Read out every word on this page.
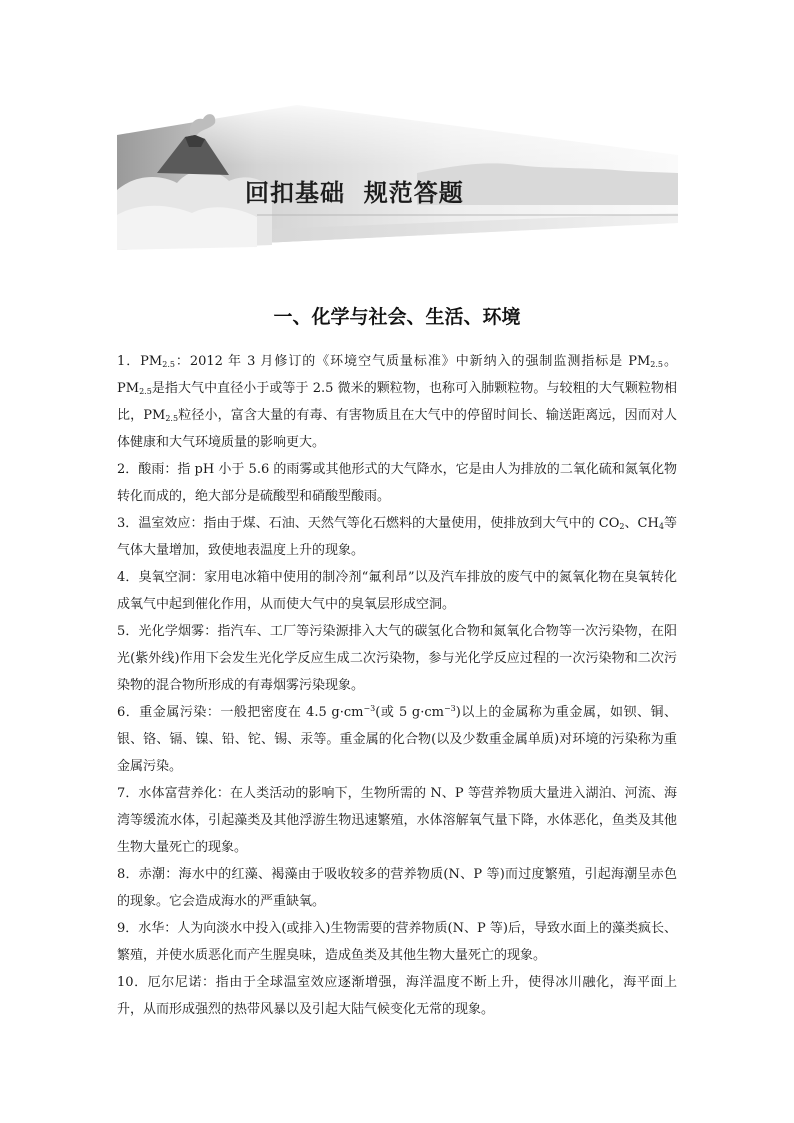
回扣基础  规范答题
一、化学与社会、生活、环境

1．$PM_{2.5}$：2012 年 3 月修订的《环境空气质量标准》中新纳入的强制监测指标是 $PM_{2.5}$。$PM_{2.5}$是指大气中直径小于或等于 2.5 微米的颗粒物，也称可入肺颗粒物。与较粗的大气颗粒物相比，$PM_{2.5}$粒径小，富含大量的有毒、有害物质且在大气中的停留时间长、输送距离远，因而对人体健康和大气环境质量的影响更大。

2．酸雨：指 pH 小于 5.6 的雨雾或其他形式的大气降水，它是由人为排放的二氧化硫和氮氧化物转化而成的，绝大部分是硫酸型和硝酸型酸雨。

3．温室效应：指由于煤、石油、天然气等化石燃料的大量使用，使排放到大气中的 $CO_2$、$CH_4$等气体大量增加，致使地表温度上升的现象。

4．臭氧空洞：家用电冰箱中使用的制冷剂“氟利昂”以及汽车排放的废气中的氮氧化物在臭氧转化成氧气中起到催化作用，从而使大气中的臭氧层形成空洞。

5．光化学烟雾：指汽车、工厂等污染源排入大气的碳氢化合物和氮氧化合物等一次污染物，在阳光(紫外线)作用下会发生光化学反应生成二次污染物，参与光化学反应过程的一次污染物和二次污染物的混合物所形成的有毒烟雾污染现象。

6．重金属污染：一般把密度在 4.5 $g\cdot cm^{-3}$(或 5 $g\cdot cm^{-3}$)以上的金属称为重金属，如钡、铜、银、铬、镉、镍、铅、铊、锡、汞等。重金属的化合物(以及少数重金属单质)对环境的污染称为重金属污染。

7．水体富营养化：在人类活动的影响下，生物所需的 N、P 等营养物质大量进入湖泊、河流、海湾等缓流水体，引起藻类及其他浮游生物迅速繁殖，水体溶解氧气量下降，水体恶化，鱼类及其他生物大量死亡的现象。

8．赤潮：海水中的红藻、褐藻由于吸收较多的营养物质(N、P 等)而过度繁殖，引起海潮呈赤色的现象。它会造成海水的严重缺氧。

9．水华：人为向淡水中投入(或排入)生物需要的营养物质(N、P 等)后，导致水面上的藻类疯长、繁殖，并使水质恶化而产生腥臭味，造成鱼类及其他生物大量死亡的现象。

10．厄尔尼诺：指由于全球温室效应逐渐增强，海洋温度不断上升，使得冰川融化，海平面上升，从而形成强烈的热带风暴以及引起大陆气候变化无常的现象。
